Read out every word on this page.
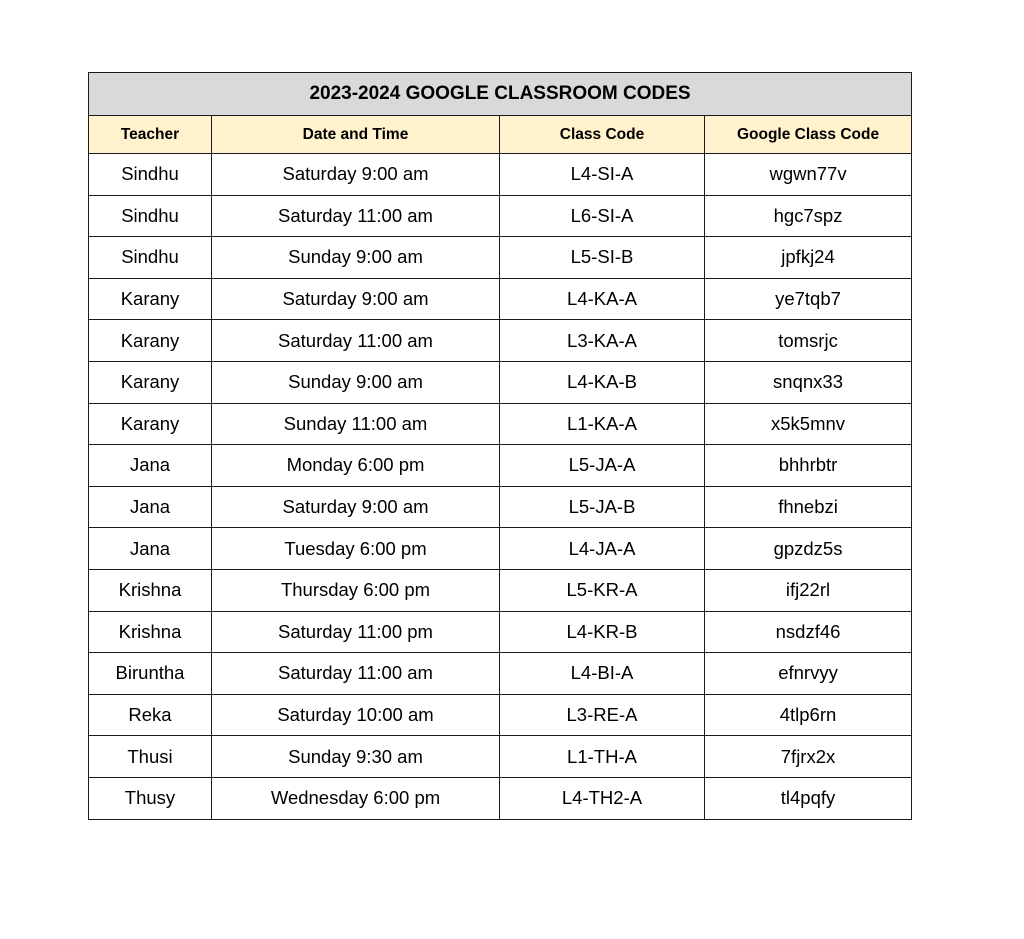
2023-2024 GOOGLE CLASSROOM CODES			
Teacher	Date and Time	Class Code	Google Class Code
Sindhu	Saturday 9:00 am	L4-SI-A	wgwn77v
Sindhu	Saturday 11:00 am	L6-SI-A	hgc7spz
Sindhu	Sunday 9:00 am	L5-SI-B	jpfkj24
Karany	Saturday 9:00 am	L4-KA-A	ye7tqb7
Karany	Saturday 11:00 am	L3-KA-A	tomsrjc
Karany	Sunday 9:00 am	L4-KA-B	snqnx33
Karany	Sunday 11:00 am	L1-KA-A	x5k5mnv
Jana	Monday 6:00 pm	L5-JA-A	bhhrbtr
Jana	Saturday 9:00 am	L5-JA-B	fhnebzi
Jana	Tuesday 6:00 pm	L4-JA-A	gpzdz5s
Krishna	Thursday 6:00 pm	L5-KR-A	ifj22rl
Krishna	Saturday 11:00 pm	L4-KR-B	nsdzf46
Biruntha	Saturday 11:00 am	L4-BI-A	efnrvyy
Reka	Saturday 10:00 am	L3-RE-A	4tlp6rn
Thusi	Sunday 9:30 am	L1-TH-A	7fjrx2x
Thusy	Wednesday 6:00 pm	L4-TH2-A	tl4pqfy
